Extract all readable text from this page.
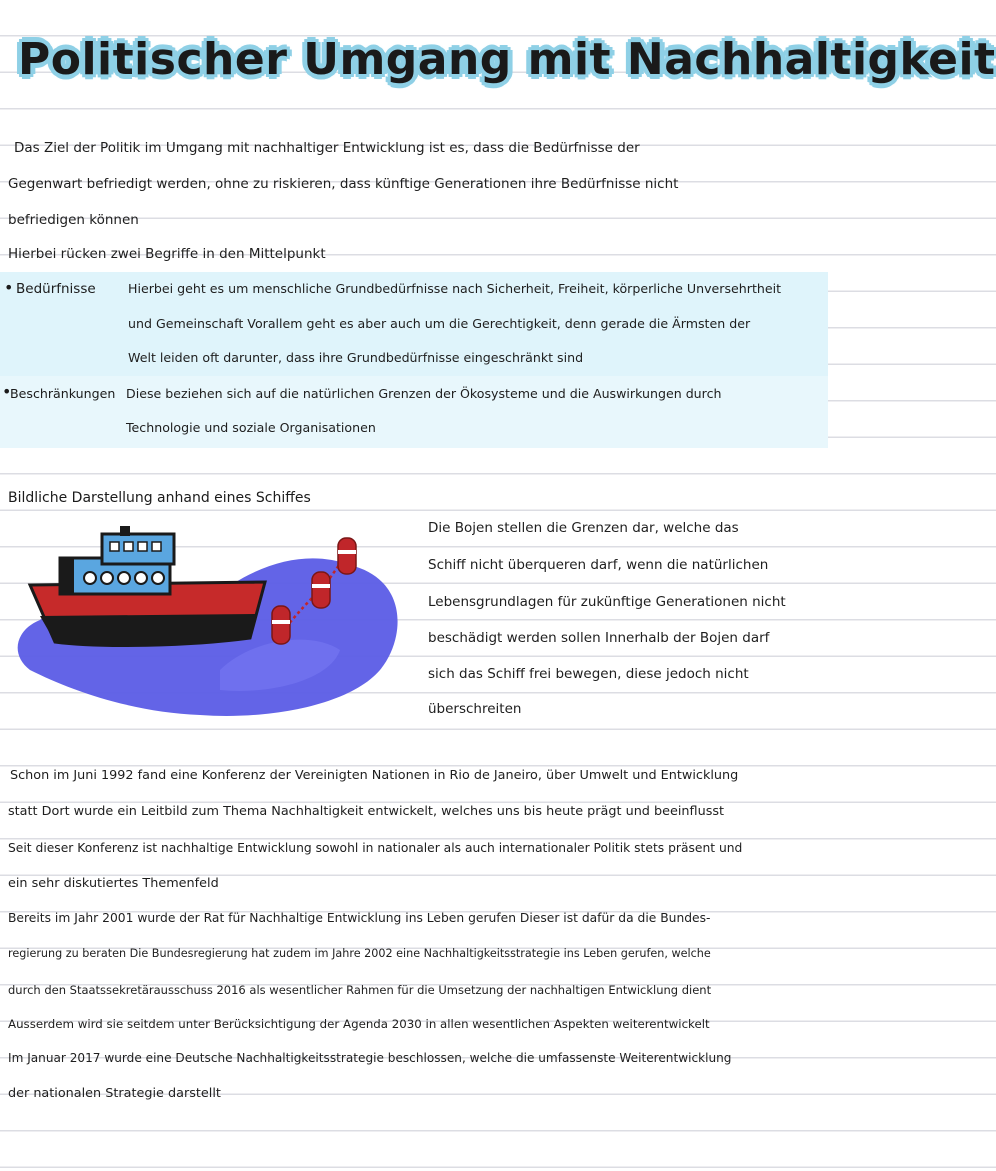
Politischer Umgang mit Nachhaltigkeit
Das Ziel der Politik im Umgang mit nachhaltiger Entwicklung ist es, dass die Bedürfnisse der
Gegenwart befriedigt werden, ohne zu riskieren, dass künftige Generationen ihre Bedürfnisse nicht
befriedigen können
Hierbei rücken zwei Begriffe in den Mittelpunkt
• Bedürfnisse	Hierbei geht es um menschliche Grundbedürfnisse nach Sicherheit, Freiheit, körperliche Unversehrtheit
und Gemeinschaft Vorallem geht es aber auch um die Gerechtigkeit, denn gerade die Ärmsten der
Welt leiden oft darunter, dass ihre Grundbedürfnisse eingeschränkt sind
•
Beschränkungen Diese beziehen sich auf die natürlichen Grenzen der Ökosysteme und die Auswirkungen durch
Technologie und soziale Organisationen
Bildliche Darstellung anhand eines Schiffes
Die Bojen stellen die Grenzen dar, welche das
Schiff nicht überqueren darf, wenn die natürlichen
Lebensgrundlagen für zukünftige Generationen nicht
beschädigt werden sollen Innerhalb der Bojen darf
sich das Schiff frei bewegen, diese jedoch nicht
überschreiten
Schon im Juni 1992 fand eine Konferenz der Vereinigten Nationen in Rio de Janeiro, über Umwelt und Entwicklung
statt Dort wurde ein Leitbild zum Thema Nachhaltigkeit entwickelt, welches uns bis heute prägt und beeinflusst
Seit dieser Konferenz ist nachhaltige Entwicklung sowohl in nationaler als auch internationaler Politik stets präsent und
ein sehr diskutiertes Themenfeld
Bereits im Jahr 2001 wurde der Rat für Nachhaltige Entwicklung ins Leben gerufen Dieser ist dafür da die Bundes-
regierung zu beraten Die Bundesregierung hat zudem im Jahre 2002 eine Nachhaltigkeitsstrategie ins Leben gerufen, welche
durch den Staatssekretärausschuss 2016 als wesentlicher Rahmen für die Umsetzung der nachhaltigen Entwicklung dient
Ausserdem wird sie seitdem unter Berücksichtigung der Agenda 2030 in allen wesentlichen Aspekten weiterentwickelt
Im Januar 2017 wurde eine Deutsche Nachhaltigkeitsstrategie beschlossen, welche die umfassenste Weiterentwicklung
der nationalen Strategie darstellt
